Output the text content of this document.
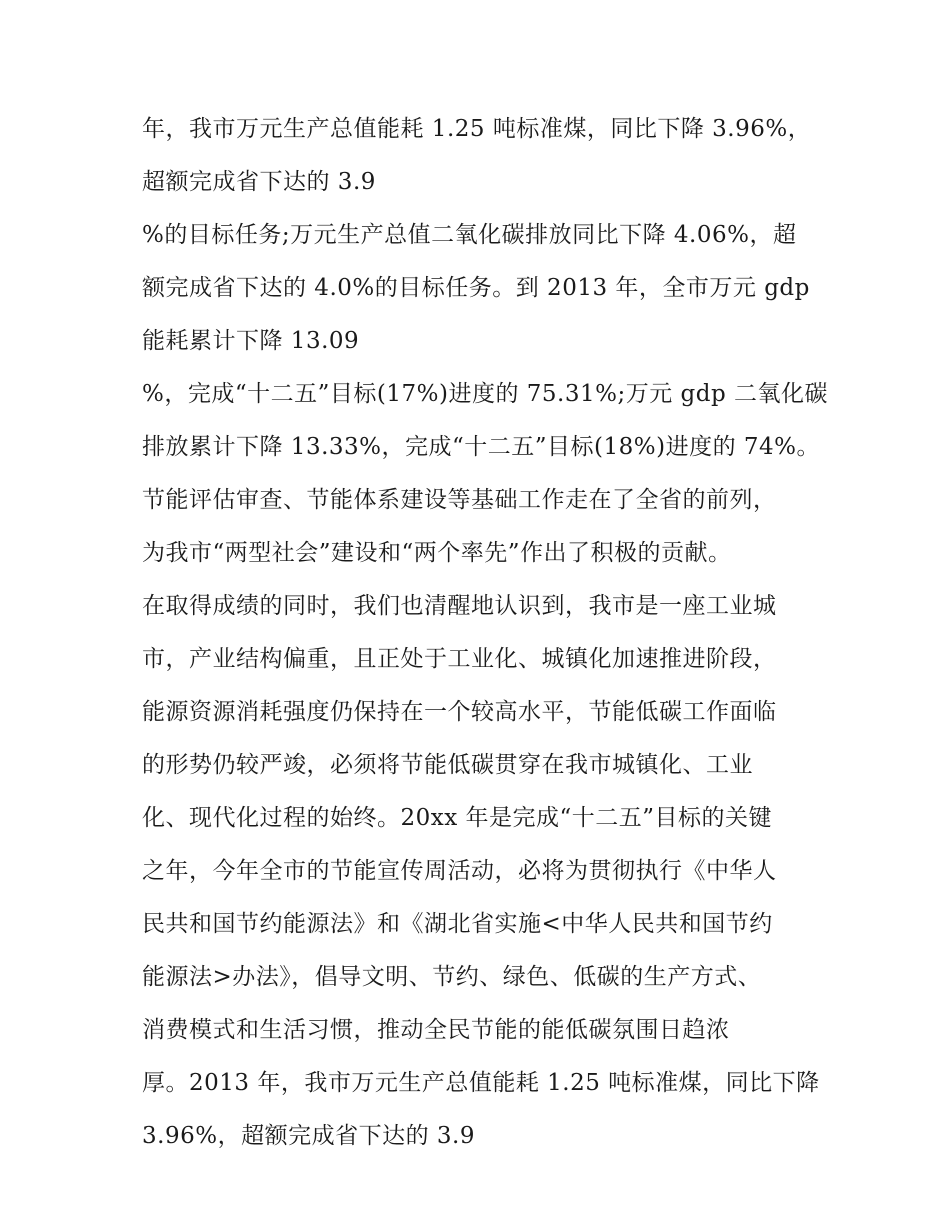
年，我市万元生产总值能耗 1.25 吨标准煤，同比下降 3.96%，
超额完成省下达的 3.9
%的目标任务;万元生产总值二氧化碳排放同比下降 4.06%，超
额完成省下达的 4.0%的目标任务。到 2013 年，全市万元 gdp
能耗累计下降 13.09
%，完成“十二五”目标(17%)进度的 75.31%;万元 gdp 二氧化碳
排放累计下降 13.33%，完成“十二五”目标(18%)进度的 74%。
节能评估审查、节能体系建设等基础工作走在了全省的前列，
为我市“两型社会”建设和“两个率先”作出了积极的贡献。
在取得成绩的同时，我们也清醒地认识到，我市是一座工业城
市，产业结构偏重，且正处于工业化、城镇化加速推进阶段，
能源资源消耗强度仍保持在一个较高水平，节能低碳工作面临
的形势仍较严竣，必须将节能低碳贯穿在我市城镇化、工业
化、现代化过程的始终。20xx 年是完成“十二五”目标的关键
之年，今年全市的节能宣传周活动，必将为贯彻执行《中华人
民共和国节约能源法》和《湖北省实施<中华人民共和国节约
能源法>办法》，倡导文明、节约、绿色、低碳的生产方式、
消费模式和生活习惯，推动全民节能的能低碳氛围日趋浓
厚。2013 年，我市万元生产总值能耗 1.25 吨标准煤，同比下降
3.96%，超额完成省下达的 3.9
